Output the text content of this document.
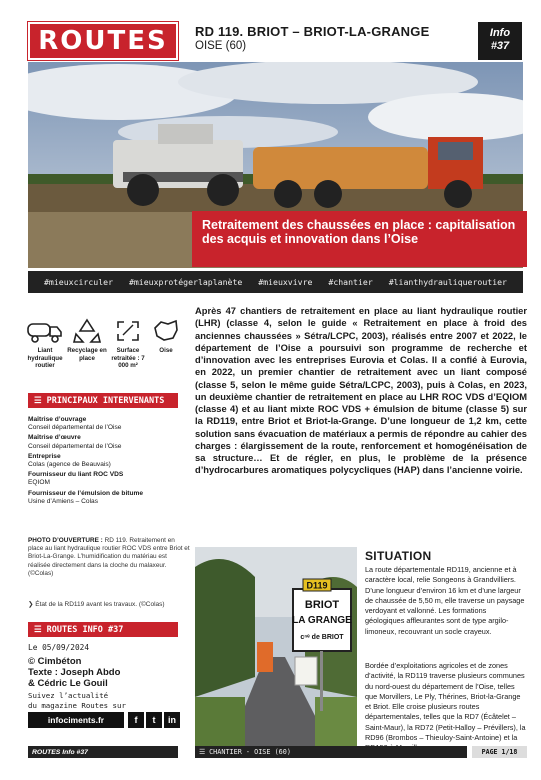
ROUTES	RD 119. BRIOT – BRIOT-LA-GRANGE
OISE (60)
Info
#37
Retraitement des chaussées en place : capitalisation des acquis et innovation dans l’Oise
#mieuxcirculer #mieuxprotégerlaplanète #mieuxvivre #chantier #lianthydrauliqueroutier
Liant hydraulique routier
Recyclage en place
Surface retraitée : 7 000 m²
Oise
Après 47 chantiers de retraitement en place au liant hydraulique routier (LHR) (classe 4, selon le guide « Retraitement en place à froid des anciennes chaussées » Sétra/LCPC, 2003), réalisés entre 2007 et 2022, le département de l’Oise a poursuivi son programme de recherche et d’innovation avec les entreprises Eurovia et Colas. Il a confié à Eurovia, en 2022, un premier chantier de retraitement avec un liant composé (classe 5, selon le même guide Sétra/LCPC, 2003), puis à Colas, en 2023, un deuxième chantier de retraitement en place au LHR ROC VDS d’EQIOM (classe 4) et au liant mixte ROC VDS + émulsion de bitume (classe 5) sur la RD119, entre Briot et Briot-la-Grange. D’une longueur de 1,2 km, cette solution sans évacuation de matériaux a permis de répondre au cahier des charges : élargissement de la route, renforcement et homogénéisation de sa structure… Et de régler, en plus, le problème de la présence d’hydrocarbures aromatiques polycycliques (HAP) dans l’ancienne voirie.
☰ PRINCIPAUX INTERVENANTS
Maîtrise d’ouvrage
Conseil départemental de l’Oise
Maîtrise d’œuvre
Conseil départemental de l’Oise
Entreprise
Colas (agence de Beauvais)
Fournisseur du liant ROC VDS
EQIOM
Fournisseur de l’émulsion de bitume
Usine d’Amiens – Colas
PHOTO D’OUVERTURE : RD 119. Retraitement en place au liant hydraulique routier ROC VDS entre Briot et Briot-La-Grange. L’humidification du matériau est réalisée directement dans la cloche du malaxeur. (©Colas)
❯ État de la RD119 avant les travaux. (©Colas)
☰ ROUTES INFO #37
Le 05/09/2024
© Cimbéton
Texte : Joseph Abdo
& Cédric Le Gouil
Suivez l’actualité
du magazine Routes sur
infociments.fr	f	t	in
D119
BRIOT
LA GRANGE
cⁿᵉ de BRIOT
SITUATION
La route départementale RD119, ancienne et à caractère local, relie Songeons à Grandvilliers. D’une longueur d’environ 16 km et d’une largeur de chaussée de 5,50 m, elle traverse un paysage verdoyant et vallonné. Les formations géologiques affleurantes sont de type argilo-limoneux, recouvrant un socle crayeux.
Bordée d’exploitations agricoles et de zones d’activité, la RD119 traverse plusieurs communes du nord-ouest du département de l’Oise, telles que Morvillers, Le Ply, Thérines, Briot-la-Grange et Briot. Elle croise plusieurs routes départementales, telles que la RD7 (Écâtelet – Saint-Maur), la RD72 (Petit-Halloy – Prévillers), la RD96 (Brombos – Thieuloy-Saint-Antoine) et la
ROUTES Info #37	☰ CHANTIER - OISE (60)	PAGE 1/18
